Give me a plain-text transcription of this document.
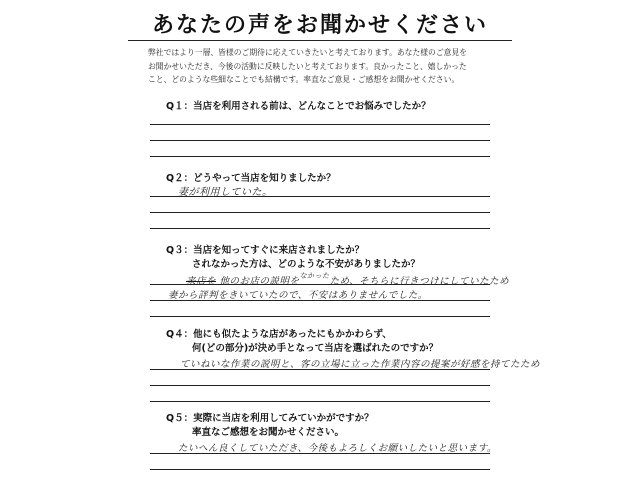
あなたの声をお聞かせください
弊社ではより一層、皆様のご期待に応えていきたいと考えております。あなた様のご意見を
お聞かせいただき、今後の活動に反映したいと考えております。良かったこと、嬉しかった
こと、どのような些細なことでも結構です。率直なご意見・ご感想をお聞かせください。
Q１：当店を利用される前は、どんなことでお悩みでしたか？
Q２：どうやって当店を知りましたか？
妻が利用していた。
Q３：当店を知ってすぐに来店されましたか？
されなかった方は、どのような不安がありましたか？
来店を 他のお店の説明を$^{なかった}$ため、そちらに行きつけにしていたため
妻から評判をきいていたので、不安はありませんでした。
Q４：他にも似たような店があったにもかかわらず、
何(どの部分)が決め手となって当店を選ばれたのですか？
ていねいな作業の説明と、客の立場に立った作業内容の提案が好感を持てたため
Q５：実際に当店を利用してみていかがですか？
率直なご感想をお聞かせください。
たいへん良くしていただき、今後もよろしくお願いしたいと思います。
